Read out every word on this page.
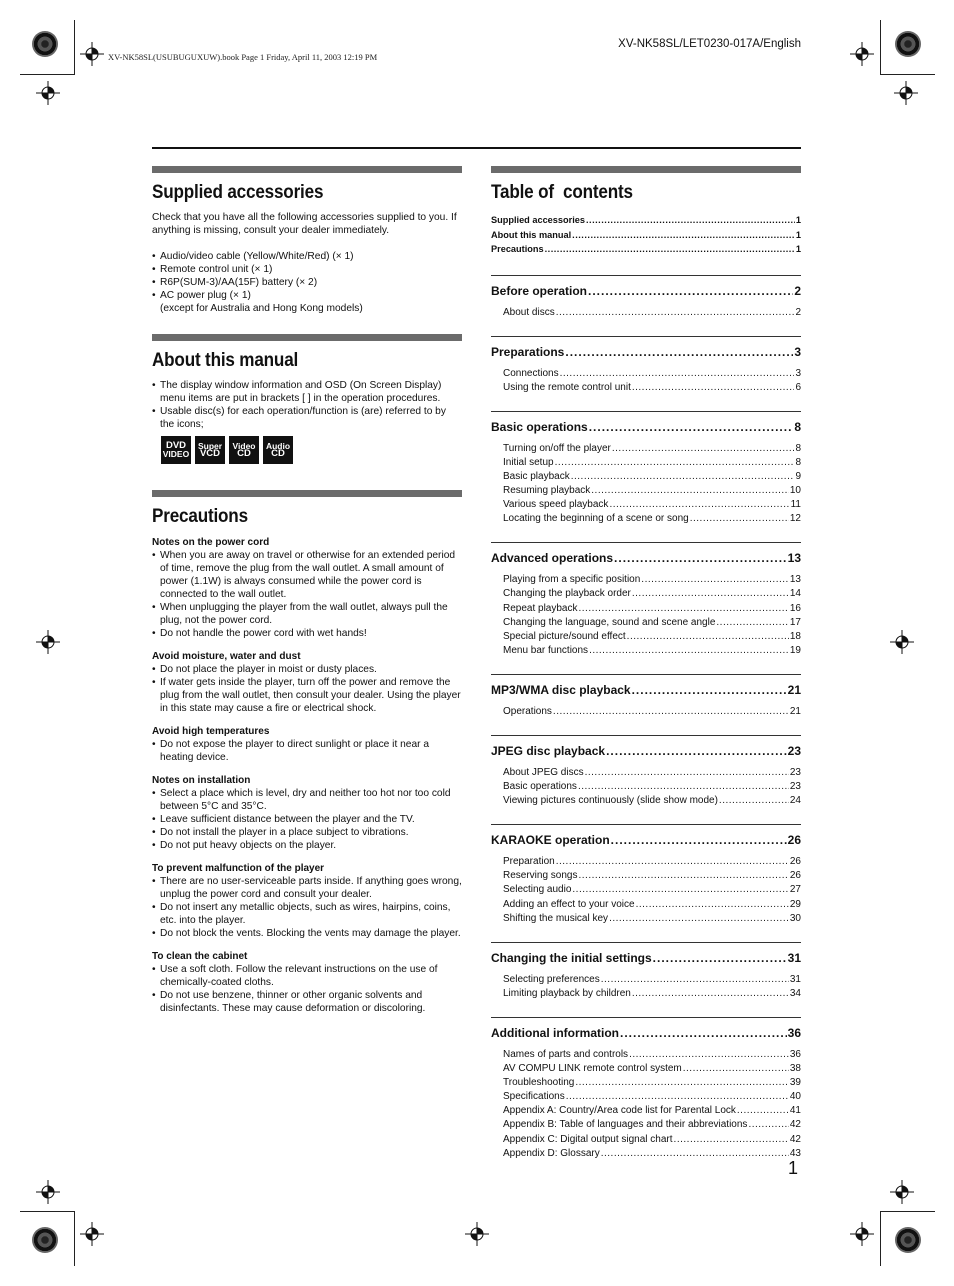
XV-NK58SL(USUBUGUXUW).book Page 1 Friday, April 11, 2003 12:19 PM
XV-NK58SL/LET0230-017A/English
Supplied accessories

Check that you have all the following accessories supplied to you. If anything is missing, consult your dealer immediately.

• Audio/video cable (Yellow/White/Red) (× 1)
• Remote control unit (× 1)
• R6P(SUM-3)/AA(15F) battery (× 2)
• AC power plug (× 1)
(except for Australia and Hong Kong models)
About this manual
• The display window information and OSD (On Screen Display) menu items are put in brackets [ ] in the operation procedures.
• Usable disc(s) for each operation/function is (are) referred to by the icons;
DVD
VIDEO
Super
VCD
Video
CD
Audio
CD
Precautions
Notes on the power cord
• When you are away on travel or otherwise for an extended period of time, remove the plug from the wall outlet. A small amount of power (1.1W) is always consumed while the power cord is connected to the wall outlet.
• When unplugging the player from the wall outlet, always pull the plug, not the power cord.
• Do not handle the power cord with wet hands!
Avoid moisture, water and dust
• Do not place the player in moist or dusty places.
• If water gets inside the player, turn off the power and remove the plug from the wall outlet, then consult your dealer. Using the player in this state may cause a fire or electrical shock.
Avoid high temperatures
• Do not expose the player to direct sunlight or place it near a heating device.
Notes on installation
• Select a place which is level, dry and neither too hot nor too cold between 5°C and 35°C.
• Leave sufficient distance between the player and the TV.
• Do not install the player in a place subject to vibrations.
• Do not put heavy objects on the player.
To prevent malfunction of the player
• There are no user-serviceable parts inside. If anything goes wrong, unplug the power cord and consult your dealer.
• Do not insert any metallic objects, such as wires, hairpins, coins, etc. into the player.
• Do not block the vents. Blocking the vents may damage the player.
To clean the cabinet
• Use a soft cloth. Follow the relevant instructions on the use of chemically-coated cloths.
• Do not use benzene, thinner or other organic solvents and disinfectants. These may cause deformation or discoloring.
Table of  contents
Supplied accessories .....	1
About this manual .....	1
Precautions .....	1
Before operation .....	2
About discs .....	2
Preparations .....	3
Connections .....	3
Using the remote control unit .....	6
Basic operations .....	8
Turning on/off the player .....	8
Initial setup .....	8
Basic playback .....	9
Resuming playback .....	10
Various speed playback .....	11
Locating the beginning of a scene or song .....	12
Advanced operations .....	13
Playing from a specific position .....	13
Changing the playback order .....	14
Repeat playback .....	16
Changing the language, sound and scene angle .....	17
Special picture/sound effect .....	18
Menu bar functions .....	19
MP3/WMA disc playback .....	21
Operations .....	21
JPEG disc playback .....	23
About JPEG discs .....	23
Basic operations .....	23
Viewing pictures continuously (slide show mode) .....	24
KARAOKE operation .....	26
Preparation .....	26
Reserving songs .....	26
Selecting audio .....	27
Adding an effect to your voice .....	29
Shifting the musical key .....	30
Changing the initial settings .....	31
Selecting preferences .....	31
Limiting playback by children .....	34
Additional information .....	36
Names of parts and controls .....	36
AV COMPU LINK remote control system .....	38
Troubleshooting .....	39
Specifications .....	40
Appendix A: Country/Area code list for Parental Lock .....	41
Appendix B: Table of languages and their abbreviations .....	42
Appendix C: Digital output signal chart .....	42
Appendix D: Glossary .....	43
1
